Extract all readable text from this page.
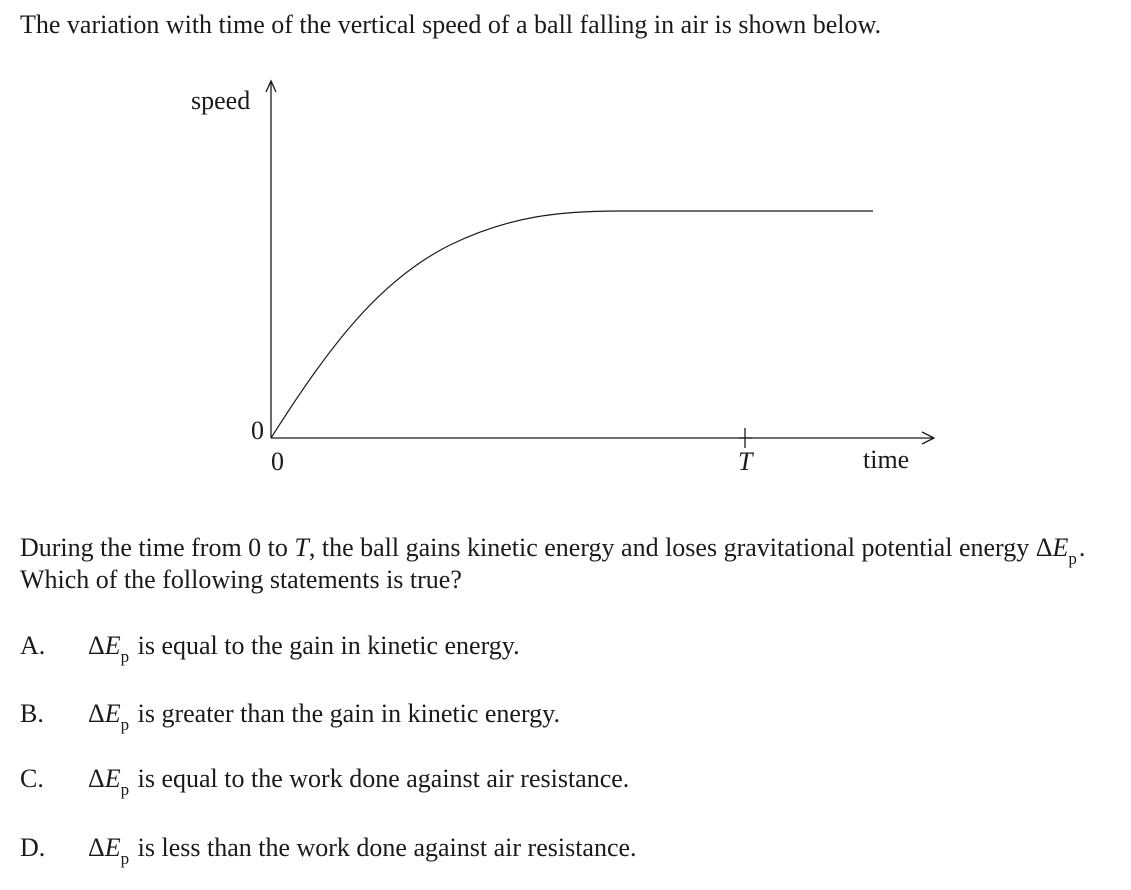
The variation with time of the vertical speed of a ball falling in air is shown below.
speed
time
0
0	T
During the time from 0 to T, the ball gains kinetic energy and loses gravitational potential energy $\Delta E_p$.
Which of the following statements is true?
A. $\Delta E_p$ is equal to the gain in kinetic energy.
B. $\Delta E_p$ is greater than the gain in kinetic energy.
C. $\Delta E_p$ is equal to the work done against air resistance.
D. $\Delta E_p$ is less than the work done against air resistance.
